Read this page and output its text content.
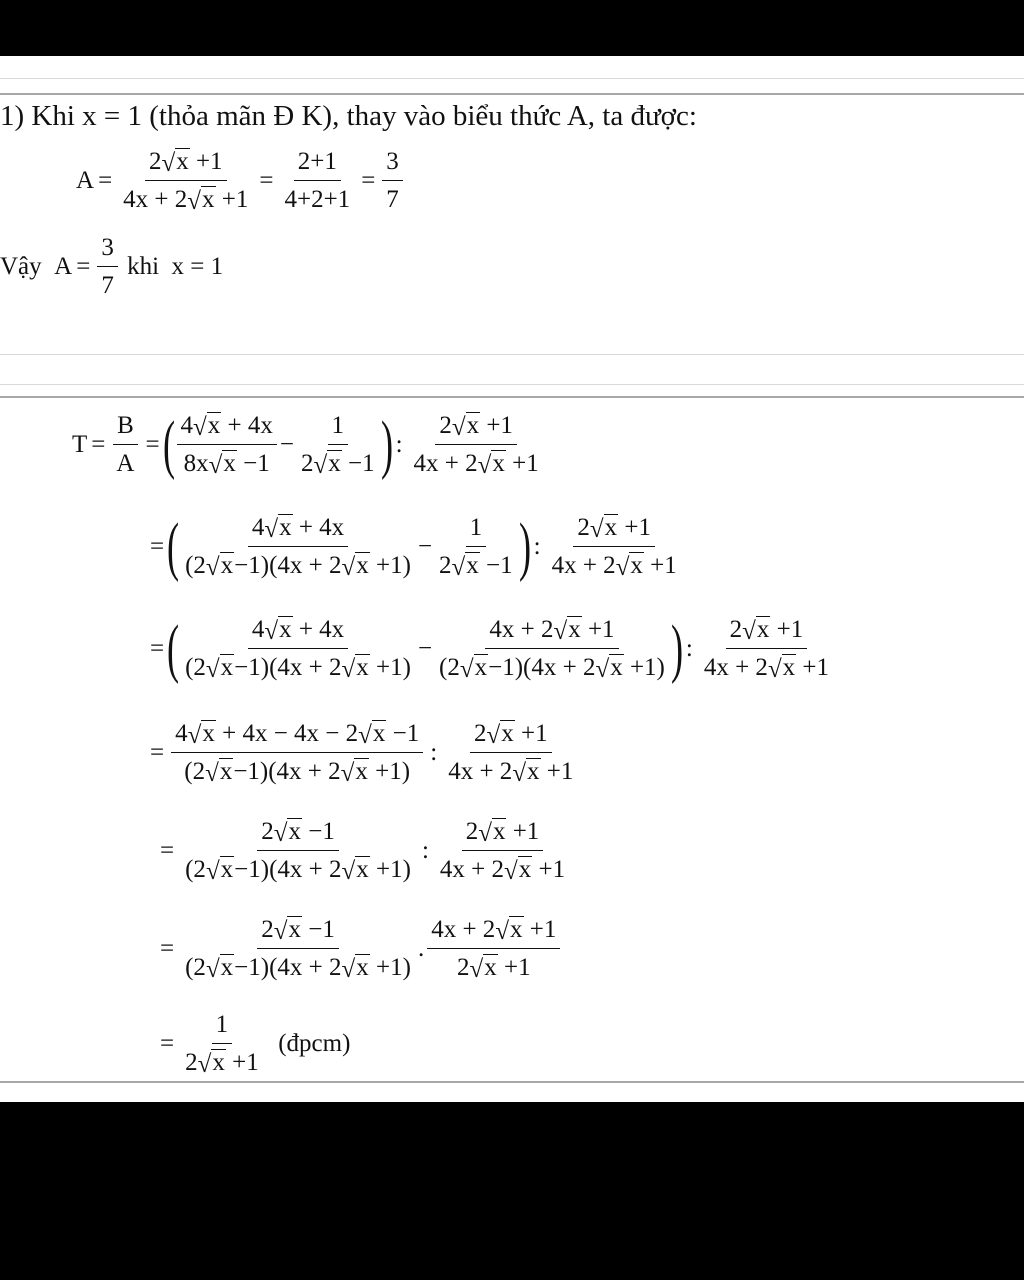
1) Khi x = 1 (thỏa mãn Đ K), thay vào biểu thức A, ta được:
A = 2 √ x
+1
4x + 2 √ x
$+1 = \frac{2+1}{4+2+1} = \frac{3}{7}$
Vậy
$A = \frac{3}{7}$
khi
x = 1
$T = \frac{B}{A}$ = ( 4 √ x
+ 4x
8x √ x
−1 − 1
2 √ x
−1 ) : 2 √ x
+1
4x + 2 √ x
+1
= ( 4 √ x
+ 4x
(2 √ x −1)(4x + 2 √ x
+1) − 1
2 √ x
−1 ) : 2 √ x
+1
4x + 2 √ x
+1
= ( 4 √ x
+ 4x
(2 √ x −1)(4x + 2 √ x
+1) − 4x + 2 √ x
+1
(2 √ x −1)(4x + 2 √ x
+1) ) : 2 √ x
+1
4x + 2 √ x
+1
= 4 √ x
+ 4x − 4x − 2 √ x
−1
(2 √ x −1)(4x + 2 √ x
+1) : 2 √ x
+1
4x + 2 √ x
+1
= 2 √ x
−1
(2 √ x −1)(4x + 2 √ x
+1) : 2 √ x
+1
4x + 2 √ x
+1
= 2 √ x
−1
(2 √ x −1)(4x + 2 √ x
+1) . 4x + 2 √ x
+1
2 √ x
+1
= 1
2 √ x
+1
(đpcm)
